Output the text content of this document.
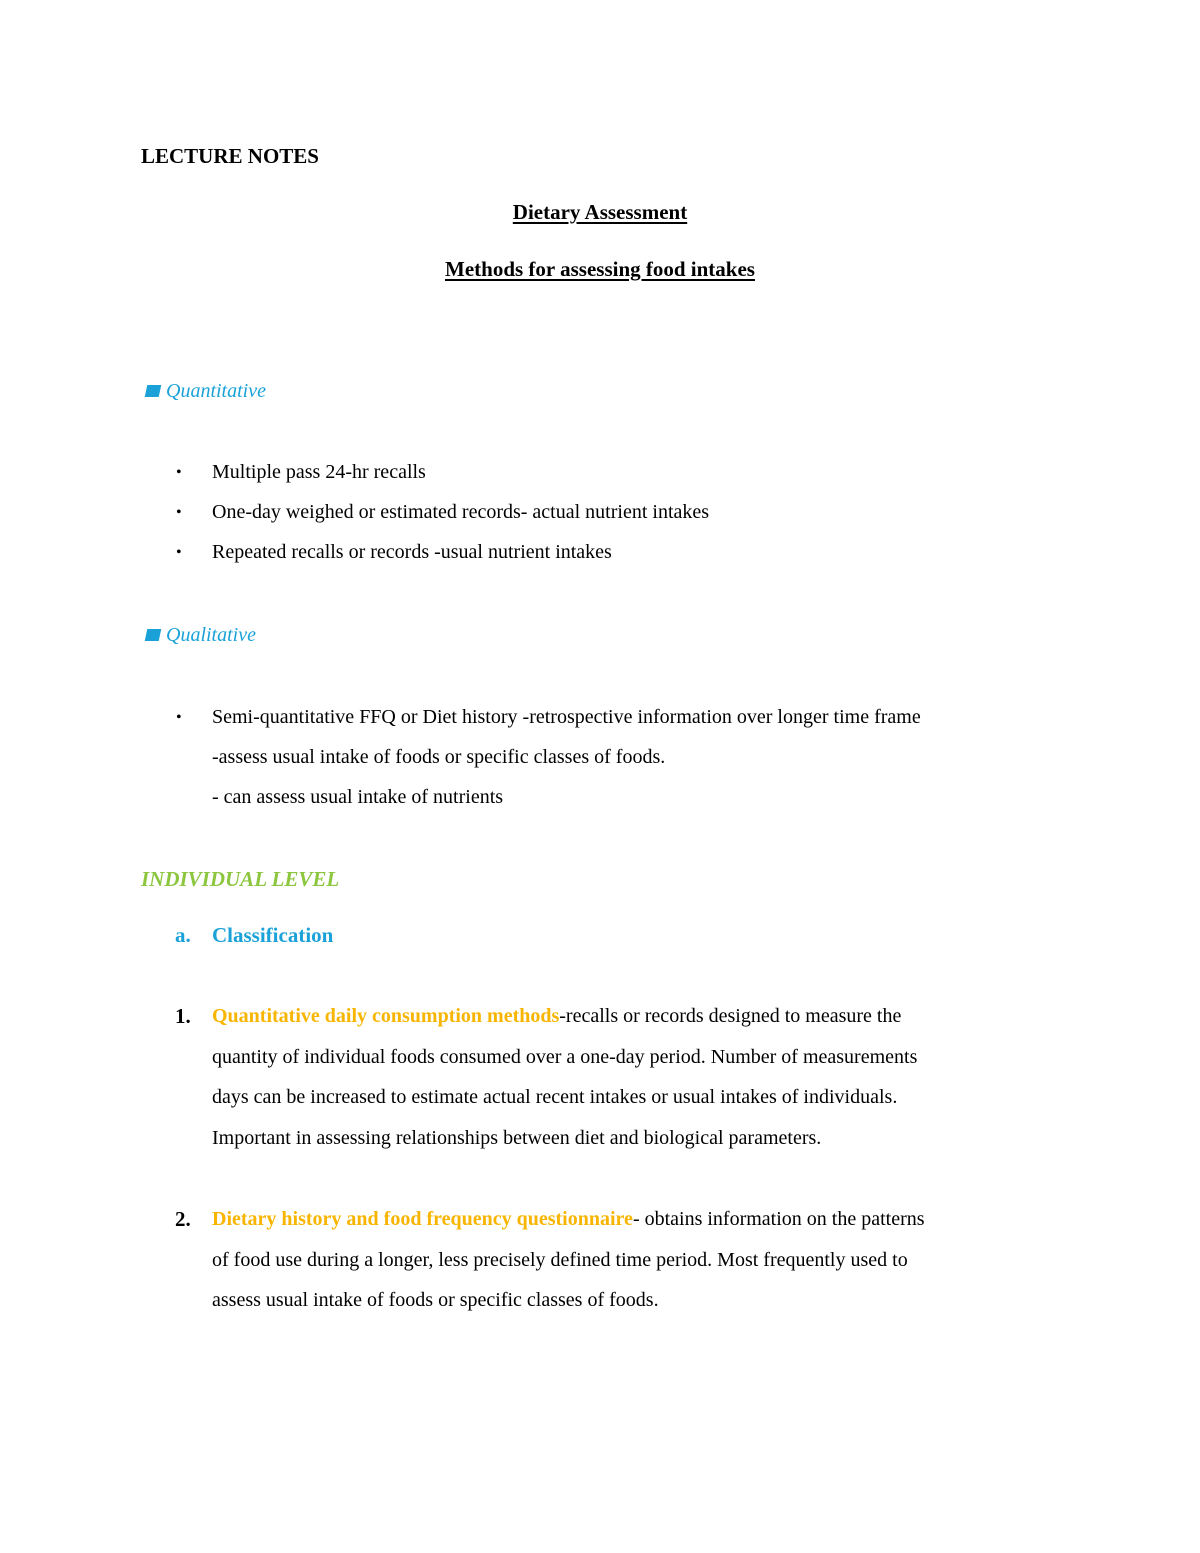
LECTURE NOTES
Dietary Assessment
Methods for assessing food intakes
Quantitative
• Multiple pass 24-hr recalls
• One-day weighed or estimated records- actual nutrient intakes
• Repeated recalls or records -usual nutrient intakes
Qualitative
• Semi-quantitative FFQ or Diet history -retrospective information over longer time frame
-assess usual intake of foods or specific classes of foods.
- can assess usual intake of nutrients
INDIVIDUAL LEVEL
a. Classification
1. Quantitative daily consumption methods-recalls or records designed to measure the
quantity of individual foods consumed over a one-day period. Number of measurements
days can be increased to estimate actual recent intakes or usual intakes of individuals.
Important in assessing relationships between diet and biological parameters.
2. Dietary history and food frequency questionnaire- obtains information on the patterns
of food use during a longer, less precisely defined time period. Most frequently used to
assess usual intake of foods or specific classes of foods.
